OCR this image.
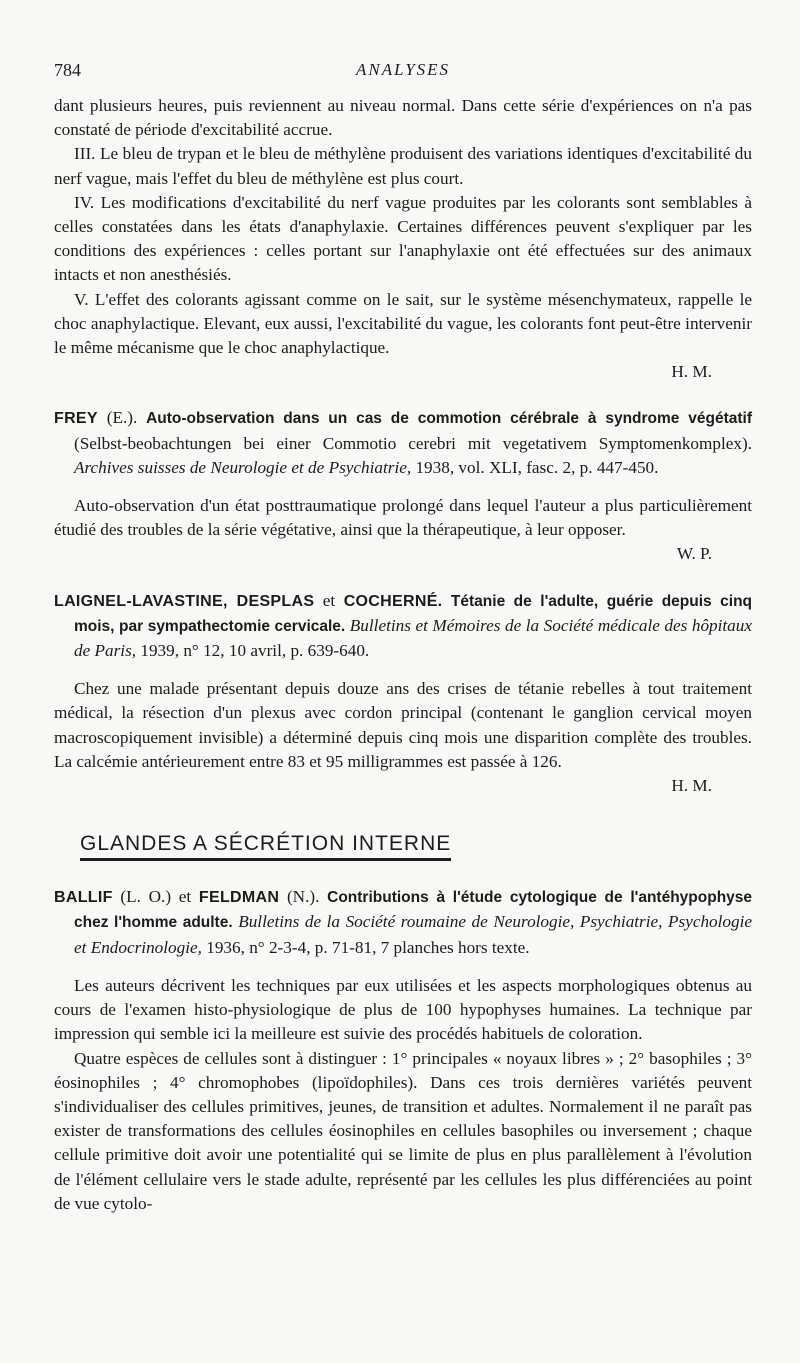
784	ANALYSES

dant plusieurs heures, puis reviennent au niveau normal. Dans cette série d'expériences on n'a pas constaté de période d'excitabilité accrue.

III. Le bleu de trypan et le bleu de méthylène produisent des variations identiques d'excitabilité du nerf vague, mais l'effet du bleu de méthylène est plus court.

IV. Les modifications d'excitabilité du nerf vague produites par les colorants sont semblables à celles constatées dans les états d'anaphylaxie. Certaines différences peuvent s'expliquer par les conditions des expériences : celles portant sur l'anaphylaxie ont été effectuées sur des animaux intacts et non anesthésiés.

V. L'effet des colorants agissant comme on le sait, sur le système mésenchymateux, rappelle le choc anaphylactique. Elevant, eux aussi, l'excitabilité du vague, les colorants font peut-être intervenir le même mécanisme que le choc anaphylactique.

H. M.

FREY (E.). Auto-observation dans un cas de commotion cérébrale à syndrome végétatif (Selbst-beobachtungen bei einer Commotio cerebri mit vegetativem Symptomenkomplex). Archives suisses de Neurologie et de Psychiatrie, 1938, vol. XLI, fasc. 2, p. 447-450.

Auto-observation d'un état posttraumatique prolongé dans lequel l'auteur a plus particulièrement étudié des troubles de la série végétative, ainsi que la thérapeutique, à leur opposer.

W. P.

LAIGNEL-LAVASTINE, DESPLAS et COCHERNÉ. Tétanie de l'adulte, guérie depuis cinq mois, par sympathectomie cervicale. Bulletins et Mémoires de la Société médicale des hôpitaux de Paris, 1939, n° 12, 10 avril, p. 639-640.

Chez une malade présentant depuis douze ans des crises de tétanie rebelles à tout traitement médical, la résection d'un plexus avec cordon principal (contenant le ganglion cervical moyen macroscopiquement invisible) a déterminé depuis cinq mois une disparition complète des troubles. La calcémie antérieurement entre 83 et 95 milligrammes est passée à 126.

H. M.

GLANDES A SÉCRÉTION INTERNE

BALLIF (L. O.) et FELDMAN (N.). Contributions à l'étude cytologique de l'antéhypophyse chez l'homme adulte. Bulletins de la Société roumaine de Neurologie, Psychiatrie, Psychologie et Endocrinologie, 1936, n° 2-3-4, p. 71-81, 7 planches hors texte.

Les auteurs décrivent les techniques par eux utilisées et les aspects morphologiques obtenus au cours de l'examen histo-physiologique de plus de 100 hypophyses humaines. La technique par impression qui semble ici la meilleure est suivie des procédés habituels de coloration.

Quatre espèces de cellules sont à distinguer : 1° principales « noyaux libres » ; 2° basophiles ; 3° éosinophiles ; 4° chromophobes (lipoïdophiles). Dans ces trois dernières variétés peuvent s'individualiser des cellules primitives, jeunes, de transition et adultes. Normalement il ne paraît pas exister de transformations des cellules éosinophiles en cellules basophiles ou inversement ; chaque cellule primitive doit avoir une potentialité qui se limite de plus en plus parallèlement à l'évolution de l'élément cellulaire vers le stade adulte, représenté par les cellules les plus différenciées au point de vue cytolo-
